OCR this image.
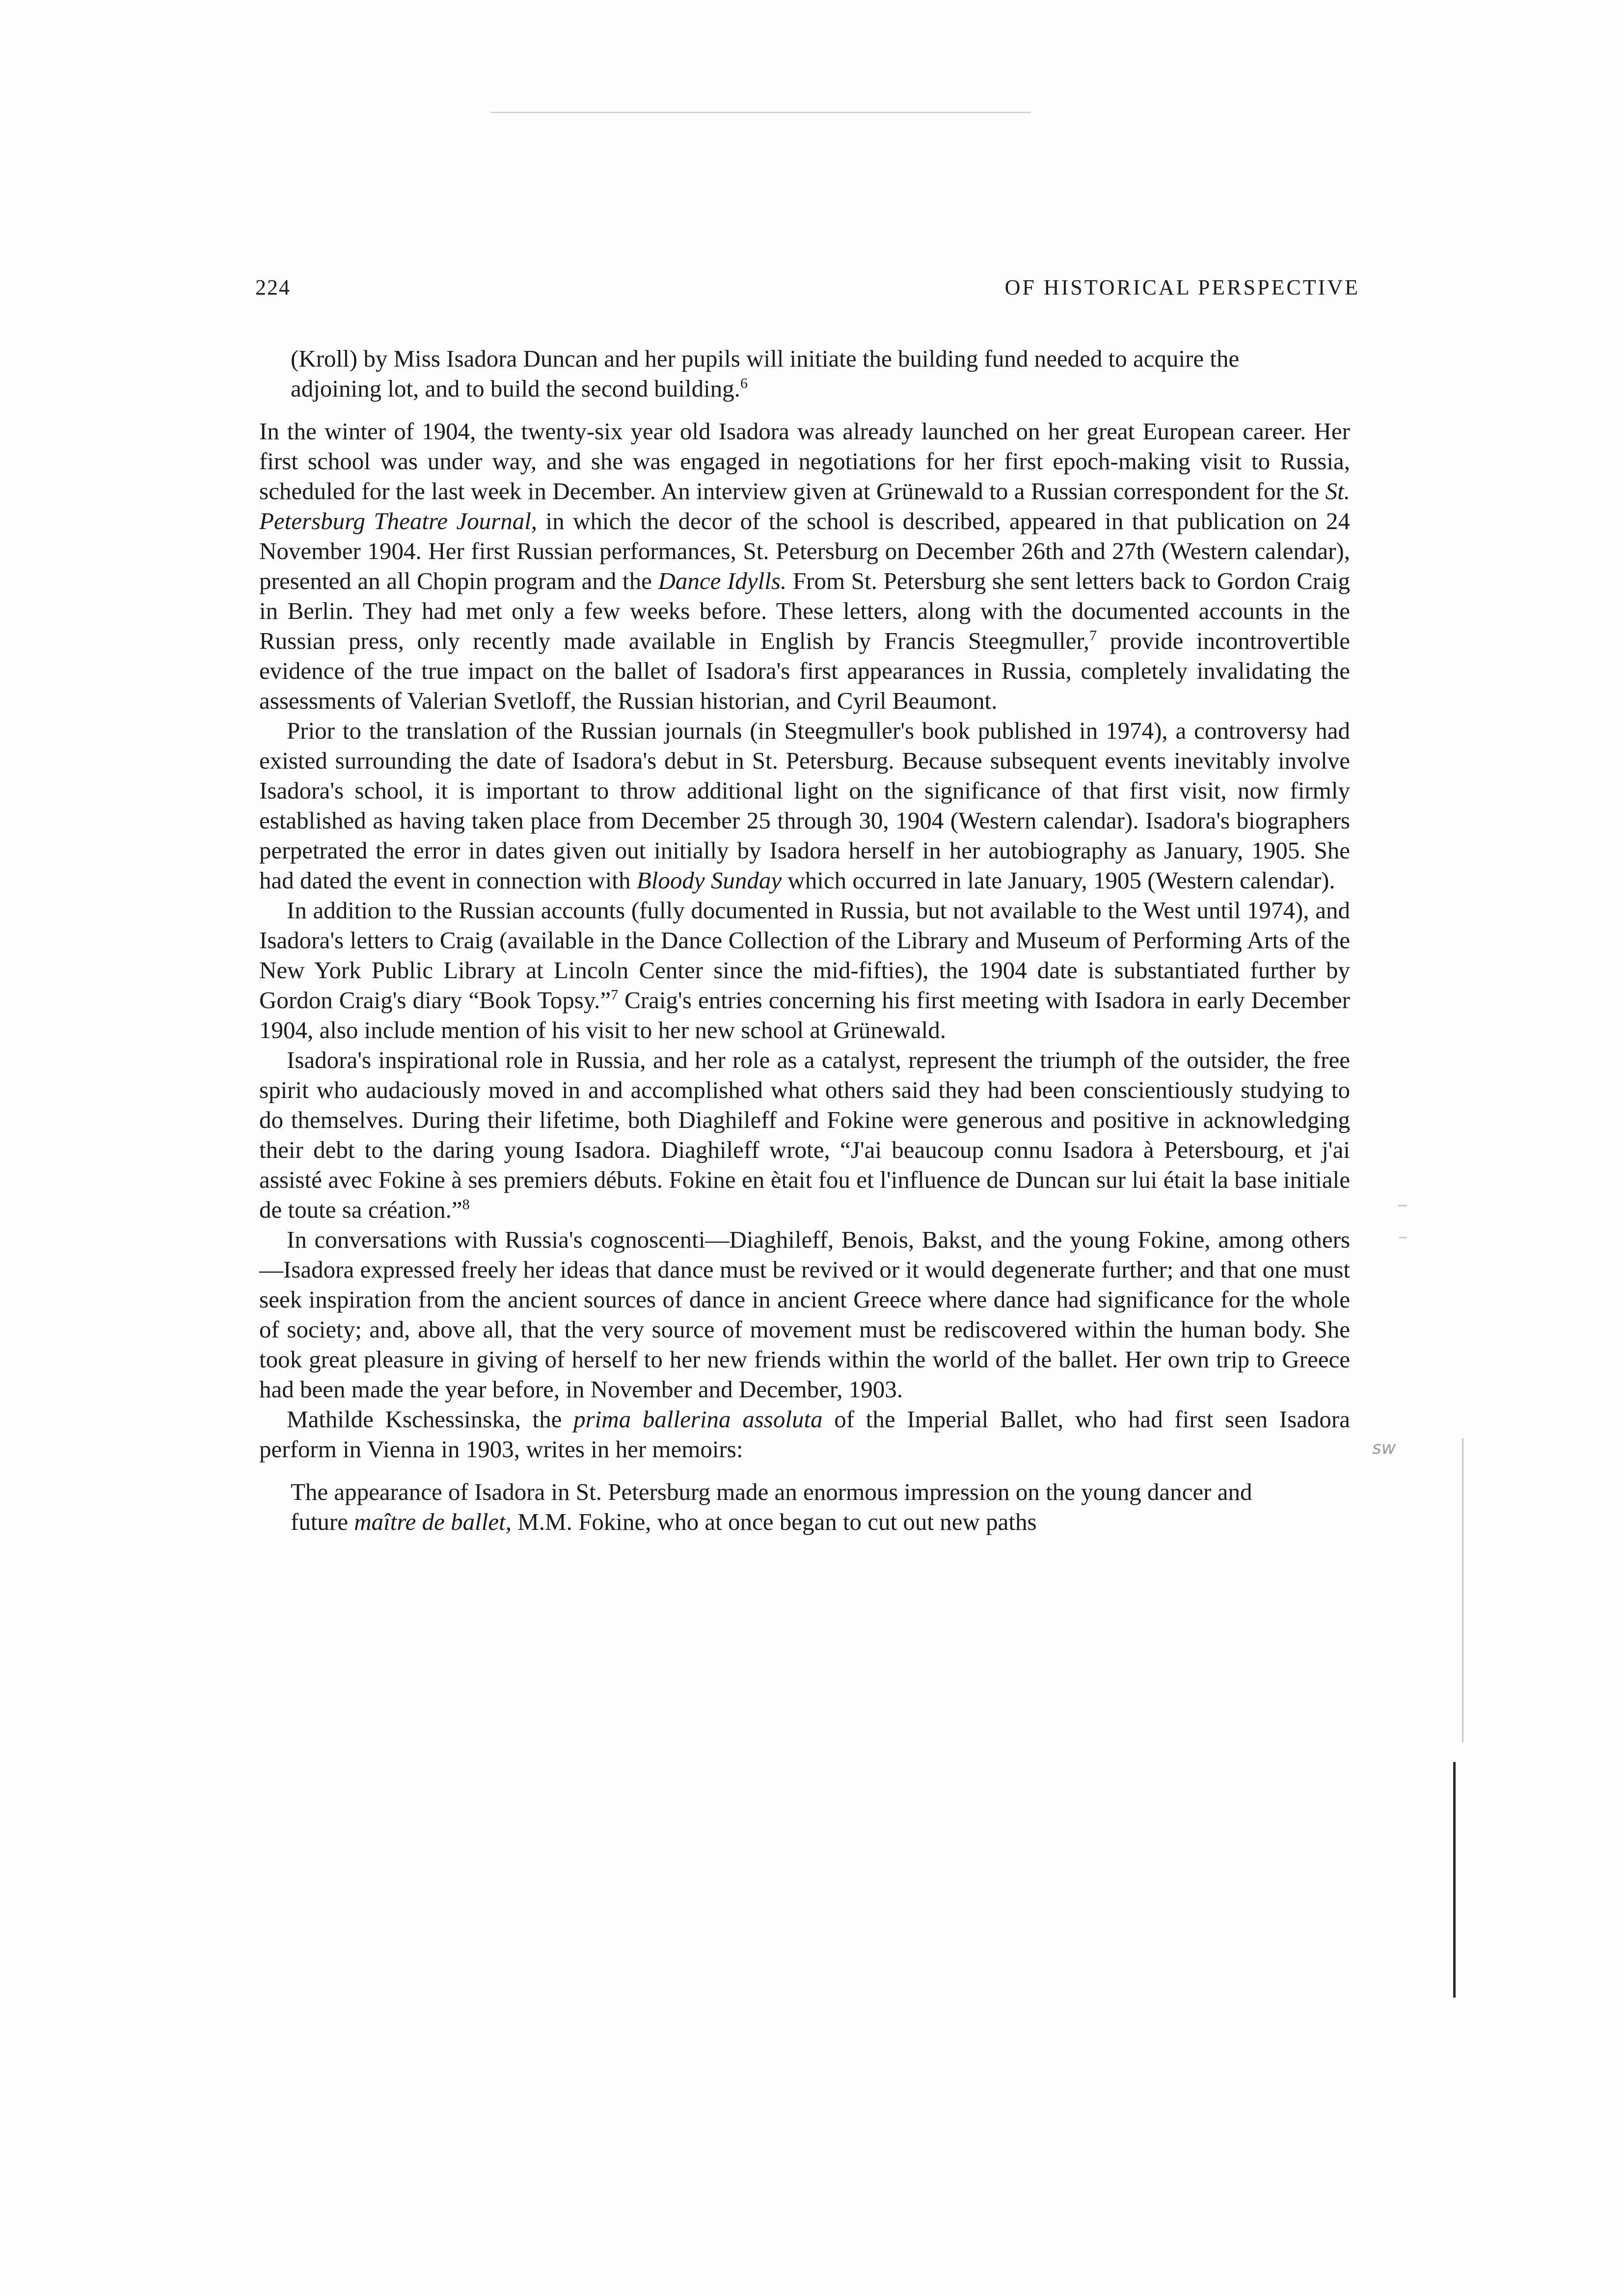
224	OF HISTORICAL PERSPECTIVE

(Kroll) by Miss Isadora Duncan and her pupils will initiate the building fund needed to acquire the adjoining lot, and to build the second building.$^6$

In the winter of 1904, the twenty-six year old Isadora was already launched on her great European career. Her first school was under way, and she was engaged in negotiations for her first epoch-making visit to Russia, scheduled for the last week in December. An interview given at Grünewald to a Russian correspondent for the St. Petersburg Theatre Journal, in which the decor of the school is described, appeared in that publication on 24 November 1904. Her first Russian performances, St. Petersburg on December 26th and 27th (Western calendar), presented an all Chopin program and the Dance Idylls. From St. Petersburg she sent letters back to Gordon Craig in Berlin. They had met only a few weeks before. These letters, along with the documented accounts in the Russian press, only recently made available in English by Francis Steegmuller,$^7$ provide incontrovertible evidence of the true impact on the ballet of Isadora's first appearances in Russia, completely invalidating the assessments of Valerian Svetloff, the Russian historian, and Cyril Beaumont.

Prior to the translation of the Russian journals (in Steegmuller's book published in 1974), a controversy had existed surrounding the date of Isadora's debut in St. Petersburg. Because subsequent events inevitably involve Isadora's school, it is important to throw additional light on the significance of that first visit, now firmly established as having taken place from December 25 through 30, 1904 (Western calendar). Isadora's biographers perpetrated the error in dates given out initially by Isadora herself in her autobiography as January, 1905. She had dated the event in connection with Bloody Sunday which occurred in late January, 1905 (Western calendar).

In addition to the Russian accounts (fully documented in Russia, but not available to the West until 1974), and Isadora's letters to Craig (available in the Dance Collection of the Library and Museum of Performing Arts of the New York Public Library at Lincoln Center since the mid-fifties), the 1904 date is substantiated further by Gordon Craig's diary “Book Topsy.”$^7$ Craig's entries concerning his first meeting with Isadora in early December 1904, also include mention of his visit to her new school at Grünewald.

Isadora's inspirational role in Russia, and her role as a catalyst, represent the triumph of the outsider, the free spirit who audaciously moved in and accomplished what others said they had been conscientiously studying to do themselves. During their lifetime, both Diaghileff and Fokine were generous and positive in acknowledging their debt to the daring young Isadora. Diaghileff wrote, “J'ai beaucoup connu Isadora à Petersbourg, et j'ai assisté avec Fokine à ses premiers débuts. Fokine en ètait fou et l'influence de Duncan sur lui était la base initiale de toute sa création.”$^8$

In conversations with Russia's cognoscenti—Diaghileff, Benois, Bakst, and the young Fokine, among others—Isadora expressed freely her ideas that dance must be revived or it would degenerate further; and that one must seek inspiration from the ancient sources of dance in ancient Greece where dance had significance for the whole of society; and, above all, that the very source of movement must be rediscovered within the human body. She took great pleasure in giving of herself to her new friends within the world of the ballet. Her own trip to Greece had been made the year before, in November and December, 1903.

Mathilde Kschessinska, the prima ballerina assoluta of the Imperial Ballet, who had first seen Isadora perform in Vienna in 1903, writes in her memoirs:

The appearance of Isadora in St. Petersburg made an enormous impression on the young dancer and future maître de ballet, M.M. Fokine, who at once began to cut out new paths

sw
